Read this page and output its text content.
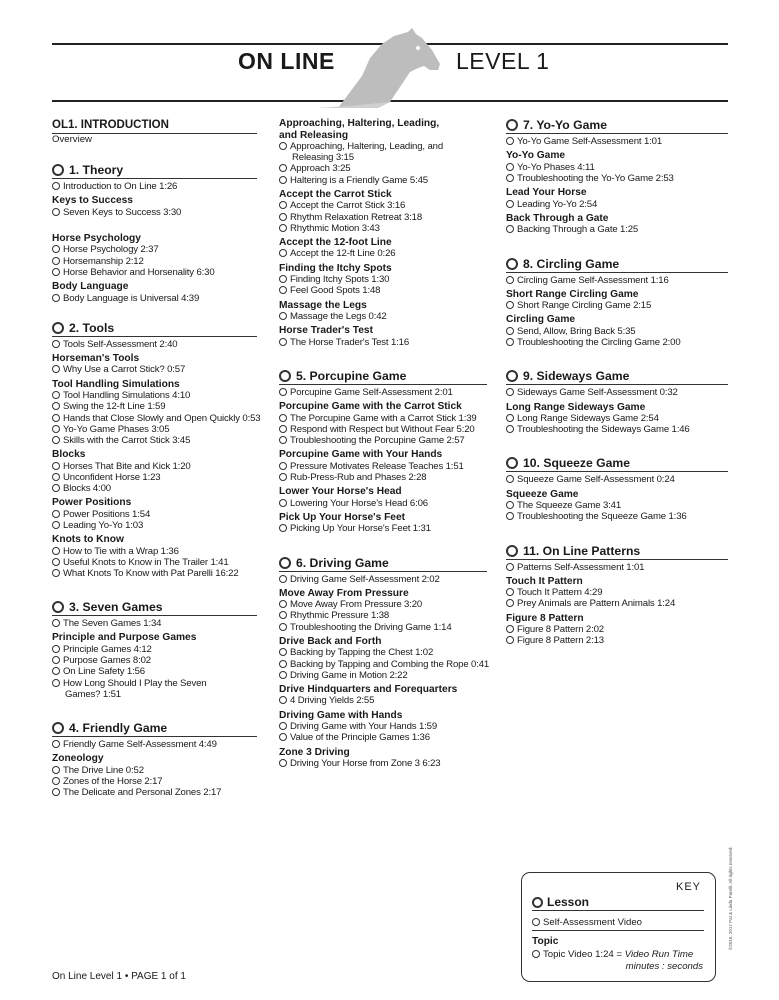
ON LINE	LEVEL 1
OL1. INTRODUCTION
Overview
1. Theory
Introduction to On Line 1:26
Keys to Success
Seven Keys to Success 3:30
Horse Psychology
Horse Psychology 2:37
Horsemanship 2:12
Horse Behavior and Horsenality 6:30
Body Language
Body Language is Universal 4:39
2. Tools
Tools Self-Assessment 2:40
Horseman's Tools
Why Use a Carrot Stick? 0:57
Tool Handling Simulations
Tool Handling Simulations 4:10
Swing the 12-ft Line 1:59
Hands that Close Slowly and Open Quickly 0:53
Yo-Yo Game Phases 3:05
Skills with the Carrot Stick 3:45
Blocks
Horses That Bite and Kick 1:20
Unconfident Horse 1:23
Blocks 4:00
Power Positions
Power Positions 1:54
Leading Yo-Yo 1:03
Knots to Know
How to Tie with a Wrap 1:36
Useful Knots to Know in The Trailer 1:41
What Knots To Know with Pat Parelli 16:22
3. Seven Games
The Seven Games 1:34
Principle and Purpose Games
Principle Games 4:12
Purpose Games 8:02
On Line Safety 1:56
How Long Should I Play the Seven Games? 1:51
4. Friendly Game
Friendly Game Self-Assessment 4:49
Zoneology
The Drive Line 0:52
Zones of the Horse 2:17
The Delicate and Personal Zones 2:17
Approaching, Haltering, Leading, and Releasing
Approaching, Haltering, Leading, and Releasing 3:15
Approach 3:25
Haltering is a Friendly Game 5:45
Accept the Carrot Stick
Accept the Carrot Stick 3:16
Rhythm Relaxation Retreat 3:18
Rhythmic Motion 3:43
Accept the 12-foot Line
Accept the 12-ft Line 0:26
Finding the Itchy Spots
Finding Itchy Spots 1:30
Feel Good Spots 1:48
Massage the Legs
Massage the Legs 0:42
Horse Trader's Test
The Horse Trader's Test 1:16
5. Porcupine Game
Porcupine Game Self-Assessment 2:01
Porcupine Game with the Carrot Stick
The Porcupine Game with a Carrot Stick 1:39
Respond with Respect but Without Fear 5:20
Troubleshooting the Porcupine Game 2:57
Porcupine Game with Your Hands
Pressure Motivates Release Teaches 1:51
Rub-Press-Rub and Phases 2:28
Lower Your Horse's Head
Lowering Your Horse's Head 6:06
Pick Up Your Horse's Feet
Picking Up Your Horse's Feet 1:31
6. Driving Game
Driving Game Self-Assessment 2:02
Move Away From Pressure
Move Away From Pressure 3:20
Rhythmic Pressure 1:38
Troubleshooting the Driving Game 1:14
Drive Back and Forth
Backing by Tapping the Chest 1:02
Backing by Tapping and Combing the Rope 0:41
Driving Game in Motion 2:22
Drive Hindquarters and Forequarters
4 Driving Yields 2:55
Driving Game with Hands
Driving Game with Your Hands 1:59
Value of the Principle Games 1:36
Zone 3 Driving
Driving Your Horse from Zone 3 6:23
7. Yo-Yo Game
Yo-Yo Game Self-Assessment 1:01
Yo-Yo Game
Yo-Yo Phases 4:11
Troubleshooting the Yo-Yo Game 2:53
Lead Your Horse
Leading Yo-Yo 2:54
Back Through a Gate
Backing Through a Gate 1:25
8. Circling Game
Circling Game Self-Assessment 1:16
Short Range Circling Game
Short Range Circling Game 2:15
Circling Game
Send, Allow, Bring Back 5:35
Troubleshooting the Circling Game 2:00
9. Sideways Game
Sideways Game Self-Assessment 0:32
Long Range Sideways Game
Long Range Sideways Game 2:54
Troubleshooting the Sideways Game 1:46
10. Squeeze Game
Squeeze Game Self-Assessment 0:24
Squeeze Game
The Squeeze Game 3:41
Troubleshooting the Squeeze Game 1:36
11. On Line Patterns
Patterns Self-Assessment 1:01
Touch It Pattern
Touch It Pattern 4:29
Prey Animals are Pattern Animals 1:24
Figure 8 Pattern
Figure 8 Pattern 2:02
Figure 8 Pattern 2:13
KEY
Lesson
Self-Assessment Video
Topic
Topic Video 1:24 = Video Run Time
minutes : seconds
©2016, 2017 Pat & Linda Parelli. All rights reserved.
On Line Level 1 • PAGE 1 of 1
